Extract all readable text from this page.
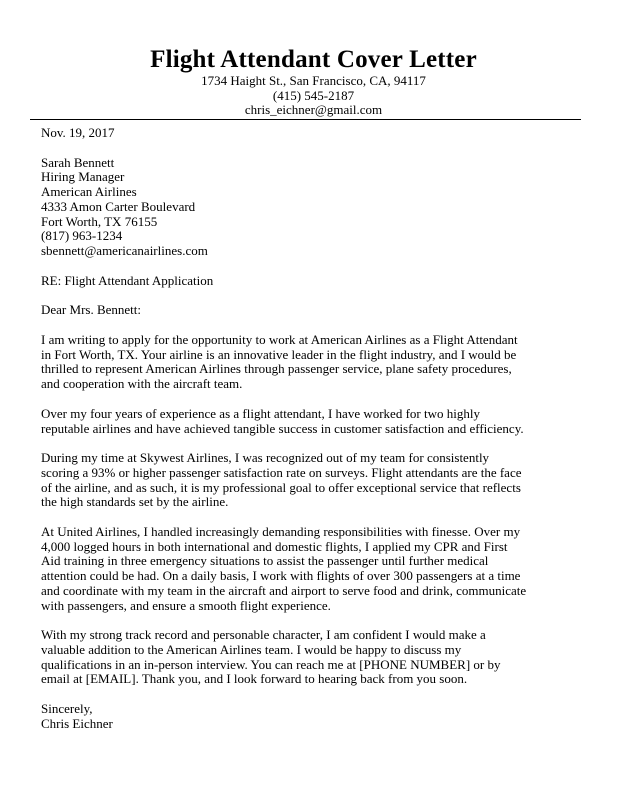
Flight Attendant Cover Letter
1734 Haight St., San Francisco, CA, 94117
(415) 545-2187
chris_eichner@gmail.com

Nov. 19, 2017

Sarah Bennett

Hiring Manager

American Airlines

4333 Amon Carter Boulevard

Fort Worth, TX 76155

(817) 963-1234

sbennett@americanairlines.com

RE: Flight Attendant Application

Dear Mrs. Bennett:

I am writing to apply for the opportunity to work at American Airlines as a Flight Attendant
in Fort Worth, TX. Your airline is an innovative leader in the flight industry, and I would be
thrilled to represent American Airlines through passenger service, plane safety procedures,
and cooperation with the aircraft team.

Over my four years of experience as a flight attendant, I have worked for two highly
reputable airlines and have achieved tangible success in customer satisfaction and efficiency.

During my time at Skywest Airlines, I was recognized out of my team for consistently
scoring a 93% or higher passenger satisfaction rate on surveys. Flight attendants are the face
of the airline, and as such, it is my professional goal to offer exceptional service that reflects
the high standards set by the airline.

At United Airlines, I handled increasingly demanding responsibilities with finesse. Over my
4,000 logged hours in both international and domestic flights, I applied my CPR and First
Aid training in three emergency situations to assist the passenger until further medical
attention could be had. On a daily basis, I work with flights of over 300 passengers at a time
and coordinate with my team in the aircraft and airport to serve food and drink, communicate
with passengers, and ensure a smooth flight experience.

With my strong track record and personable character, I am confident I would make a
valuable addition to the American Airlines team. I would be happy to discuss my
qualifications in an in-person interview. You can reach me at [PHONE NUMBER] or by
email at [EMAIL]. Thank you, and I look forward to hearing back from you soon.

Sincerely,

Chris Eichner
